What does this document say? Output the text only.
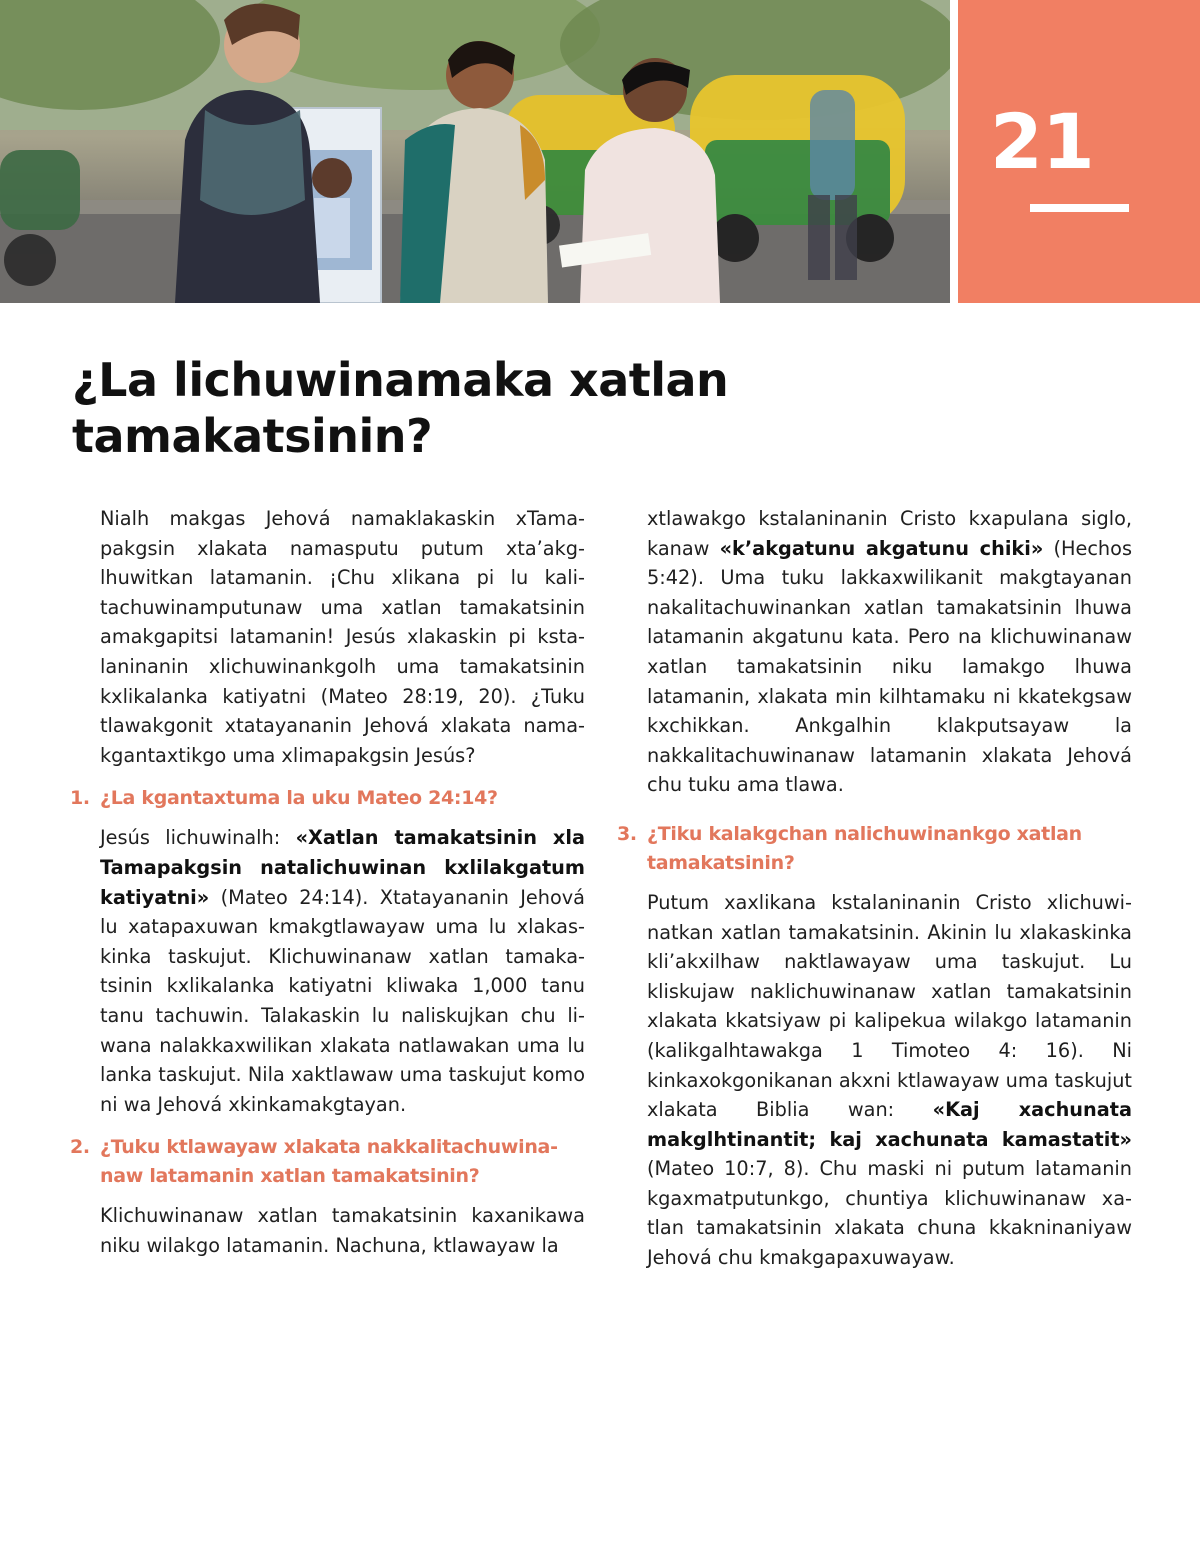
21
¿La lichuwinamaka xatlan
tamakatsinin?

Nialh makgas Jehová namaklakaskin xTamapakgsin xlakata namasputu putum xta’akglhuwitkan latamanin. ¡Chu xlikana pi lu kalitachuwinamputunaw uma xatlan tamakatsinin amakgapitsi latamanin! Jesús xlakaskin pi kstalaninanin xlichuwinankgolh uma tamakatsinin kxlikalanka katiyatni (Mateo 28:19, 20). ¿Tuku tlawakgonit xtatayananin Jehová xlakata namakgantaxtikgo uma xlimapakgsin Jesús?

1. ¿La kgantaxtuma la uku Mateo 24:14?

Jesús lichuwinalh: «Xatlan tamakatsinin xla Tamapakgsin natalichuwinan kxlilakgatum katiyatni» (Mateo 24:14). Xtatayananin Jehová lu xatapaxuwan kmakgtlawayaw uma lu xlakaskinka taskujut. Klichuwinanaw xatlan tamakatsinin kxlikalanka katiyatni kliwaka 1,000 tanu tanu tachuwin. Talakaskin lu naliskujkan chu liwana nalakkaxwilikan xlakata natlawakan uma lu lanka taskujut. Nila xaktlawaw uma taskujut komo ni wa Jehová xkinkamakgtayan.

2. ¿Tuku ktlawayaw xlakata nakkalitachuwinanaw latamanin xatlan tamakatsinin?

Klichuwinanaw xatlan tamakatsinin kaxanikawa niku wilakgo latamanin. Nachuna, ktlawayaw la

xtlawakgo kstalaninanin Cristo kxapulana siglo, kanaw «k’akgatunu akgatunu chiki» (Hechos 5:42). Uma tuku lakkaxwilikanit makgtayanan nakalitachuwinankan xatlan tamakatsinin lhuwa latamanin akgatunu kata. Pero na klichuwinanaw xatlan tamakatsinin niku lamakgo lhuwa latamanin, xlakata min kilhtamaku ni kkatekgsaw kxchikkan. Ankgalhin klakputsayaw la nakkalitachuwinanaw latamanin xlakata Jehová chu tuku ama tlawa.

3. ¿Tiku kalakgchan nalichuwinankgo xatlan tamakatsinin?

Putum xaxlikana kstalaninanin Cristo xlichuwinatkan xatlan tamakatsinin. Akinin lu xlakaskinka kli’akxilhaw naktlawayaw uma taskujut. Lu kliskujaw naklichuwinanaw xatlan tamakatsinin xlakata kkatsiyaw pi kalipekua wilakgo latamanin (kalikgalhtawakga 1 Timoteo 4: 16). Ni kinkaxokgonikanan akxni ktlawayaw uma taskujut xlakata Biblia wan: «Kaj xachunata makglhtinantit; kaj xachunata kamastatit» (Mateo 10:7, 8). Chu maski ni putum latamanin kgaxmatputunkgo, chuntiya klichuwinanaw xatlan tamakatsinin xlakata chuna kkakninaniyaw Jehová chu kmakgapaxuwayaw.
